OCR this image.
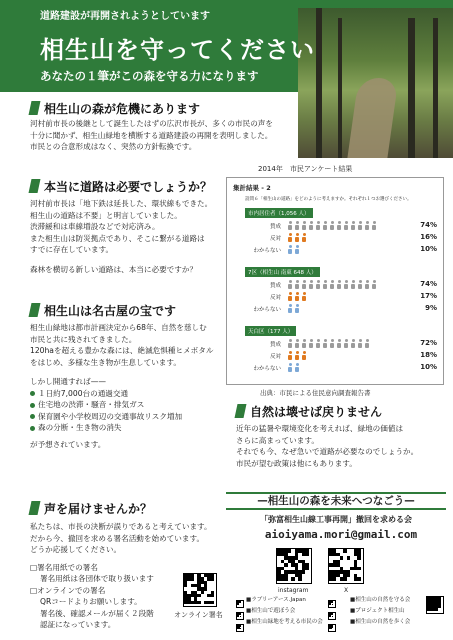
道路建設が再開されようとしています
相生山を守ってください
あなたの１筆がこの森を守る力になります
相生山の森が危機にあります
河村前市長の後継として誕生したはずの広沢市長が、多くの市民の声を
十分に聞かず、相生山緑地を横断する道路建設の再開を表明しました。
市民との合意形成はなく、突然の方針転換です。
本当に道路は必要でしょうか？
河村前市長は「地下鉄は延長した、環状線もできた。
相生山の道路は不要」と明言していました。
渋滞緩和は車線増設などで対応済み。
また相生山は防災拠点であり、そこに繋がる道路は
すでに存在しています。
森林を横切る新しい道路は、本当に必要ですか？
相生山は名古屋の宝です
相生山緑地は都市計画決定から68年、自然を慈しむ
市民と共に残されてきました。
120haを超える豊かな森には、絶滅危惧種ヒメボタル
をはじめ、多様な生き物が生息しています。
しかし開通すれば——
１日約7,000台の通過交通
住宅地の渋滞・騒音・排気ガス
保育園や小学校周辺の交通事故リスク増加
森の分断・生き物の消失
が予想されています。
2014年　市民アンケート結果
集計結果 - 2
設問６「相生山の道路」をどのように考えますか。それぞれ１つお選びください。
市内居住者（1,056 人）
賛成	74%
反対	16%
わからない	10%
7区（相生山 南東 648 人）
賛成	74%
反対	17%
わからない	9%
天白区（177 人）
賛成	72%
反対	18%
わからない	10%
出典：市民による住民意向調査報告書
自然は壊せば戻りません
近年の猛暑や環境変化を考えれば、緑地の価値は
さらに高まっています。
それでも今、なぜ急いで道路が必要なのでしょうか。
市民が望む政策は他にもあります。
声を届けませんか？
私たちは、市長の決断が誤りであると考えています。
だから今、撤回を求める署名活動を始めています。
どうか応援してください。
□署名用紙での署名
署名用紙は各団体で取り扱います
□オンラインでの署名
QRコードよりお願いします。
署名後、確認メールが届く２段階
認証になっています。
オンライン署名
—相生山の森を未来へつなごう—
「弥富相生山線工事再開」撤回を求める会
aioiyama.mori@gmail.com
instagram	X
■ラブリーアース.Japan
■相生山で遊ぼう会
■相生山緑地を考える市民の会
■相生山の自然を守る会
■プロジェクト相生山
■相生山の自然を歩く会
